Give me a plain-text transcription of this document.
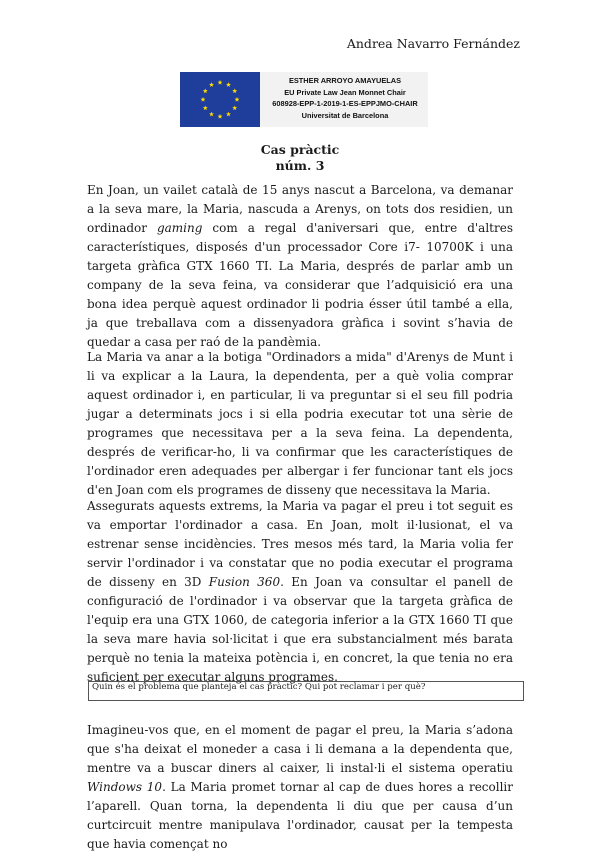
Andrea Navarro Fernández
ESTHER ARROYO AMAYUELAS
EU Private Law Jean Monnet Chair
608928-EPP-1-2019-1-ES-EPPJMO-CHAIR
Universitat de Barcelona
Cas pràctic
núm. 3
En Joan, un vailet català de 15 anys nascut a Barcelona, va demanar a la seva mare, la Maria, nascuda a Arenys, on tots dos residien, un ordinador gaming com a regal d'aniversari que, entre d'altres característiques, disposés d'un processador Core i7- 10700K i una targeta gràfica GTX 1660 TI. La Maria, després de parlar amb un company de la seva feina, va considerar que l’adquisició era una bona idea perquè aquest ordinador li podria ésser útil també a ella, ja que treballava com a dissenyadora gràfica i sovint s’havia de quedar a casa per raó de la pandèmia.
La Maria va anar a la botiga "Ordinadors a mida" d'Arenys de Munt i li va explicar a la Laura, la dependenta, per a què volia comprar aquest ordinador i, en particular, li va preguntar si el seu fill podria jugar a determinats jocs i si ella podria executar tot una sèrie de programes que necessitava per a la seva feina. La dependenta, després de verificar-ho, li va confirmar que les característiques de l'ordinador eren adequades per albergar i fer funcionar tant els jocs d'en Joan com els programes de disseny que necessitava la Maria.
Assegurats aquests extrems, la Maria va pagar el preu i tot seguit es va emportar l'ordinador a casa. En Joan, molt il·lusionat, el va estrenar sense incidències. Tres mesos més tard, la Maria volia fer servir l'ordinador i va constatar que no podia executar el programa de disseny en 3D Fusion 360. En Joan va consultar el panell de configuració de l'ordinador i va observar que la targeta gràfica de l'equip era una GTX 1060, de categoria inferior a la GTX 1660 TI que la seva mare havia sol·licitat i que era substancialment més barata perquè no tenia la mateixa potència i, en concret, la que tenia no era suficient per executar alguns programes.
Quin és el problema que planteja el cas pràctic? Qui pot reclamar i per què?
Imagineu-vos que, en el moment de pagar el preu, la Maria s’adona que s'ha deixat el moneder a casa i li demana a la dependenta que, mentre va a buscar diners al caixer, li instal·li el sistema operatiu Windows 10. La Maria promet tornar al cap de dues hores a recollir l’aparell. Quan torna, la dependenta li diu que per causa d’un curtcircuit mentre manipulava l'ordinador, causat per la tempesta que havia començat no
